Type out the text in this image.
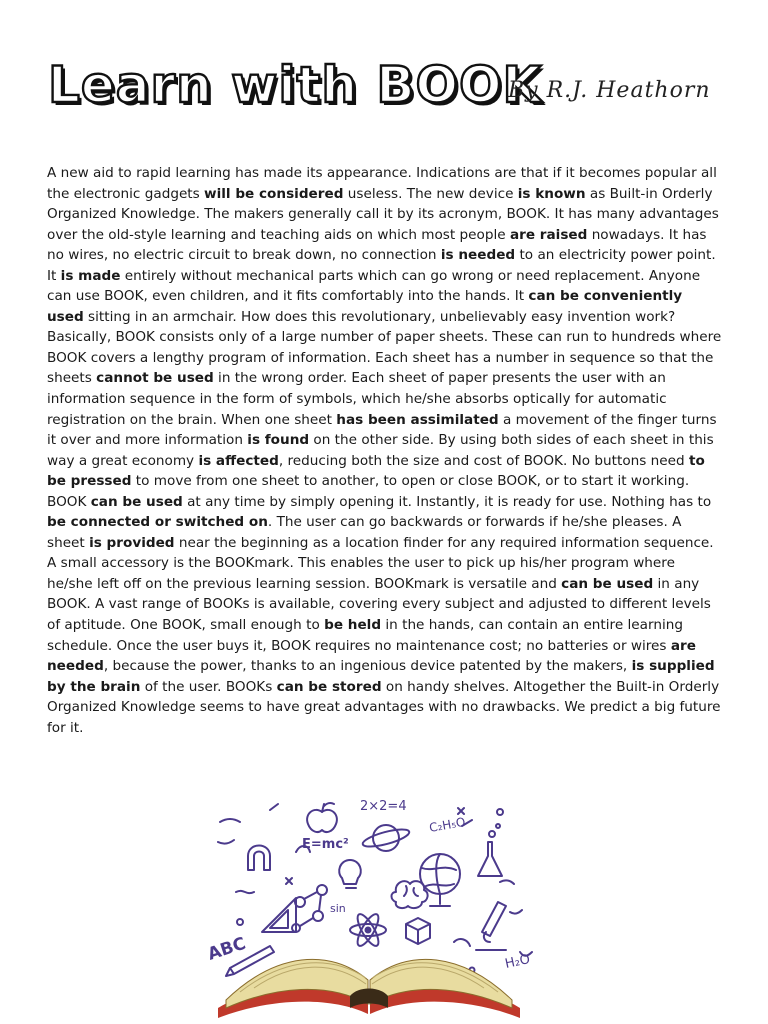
Learn with BOOK
By R.J. Heathorn

A new aid to rapid learning has made its appearance. Indications are that if it becomes popular all the electronic gadgets will be considered useless. The new device is known as Built-in Orderly Organized Knowledge. The makers generally call it by its acronym, BOOK. It has many advantages over the old-style learning and teaching aids on which most people are raised nowadays. It has no wires, no electric circuit to break down, no connection is needed to an electricity power point. It is made entirely without mechanical parts which can go wrong or need replacement. Anyone can use BOOK, even children, and it fits comfortably into the hands. It can be conveniently used sitting in an armchair. How does this revolutionary, unbelievably easy invention work? Basically, BOOK consists only of a large number of paper sheets. These can run to hundreds where BOOK covers a lengthy program of information. Each sheet has a number in sequence so that the sheets cannot be used in the wrong order. Each sheet of paper presents the user with an information sequence in the form of symbols, which he/she absorbs optically for automatic registration on the brain. When one sheet has been assimilated a movement of the finger turns it over and more information is found on the other side. By using both sides of each sheet in this way a great economy is affected, reducing both the size and cost of BOOK. No buttons need to be pressed to move from one sheet to another, to open or close BOOK, or to start it working. BOOK can be used at any time by simply opening it. Instantly, it is ready for use. Nothing has to be connected or switched on. The user can go backwards or forwards if he/she pleases. A sheet is provided near the beginning as a location finder for any required information sequence. A small accessory is the BOOKmark. This enables the user to pick up his/her program where he/she left off on the previous learning session. BOOKmark is versatile and can be used in any BOOK. A vast range of BOOKs is available, covering every subject and adjusted to different levels of aptitude. One BOOK, small enough to be held in the hands, can contain an entire learning schedule. Once the user buys it, BOOK requires no maintenance cost; no batteries or wires are needed, because the power, thanks to an ingenious device patented by the makers, is supplied by the brain of the user. BOOKs can be stored on handy shelves. Altogether the Built-in Orderly Organized Knowledge seems to have great advantages with no drawbacks. We predict a big future for it.

ABC
2×2=4
E=mc²
C₂H₅O
sin
H₂O
